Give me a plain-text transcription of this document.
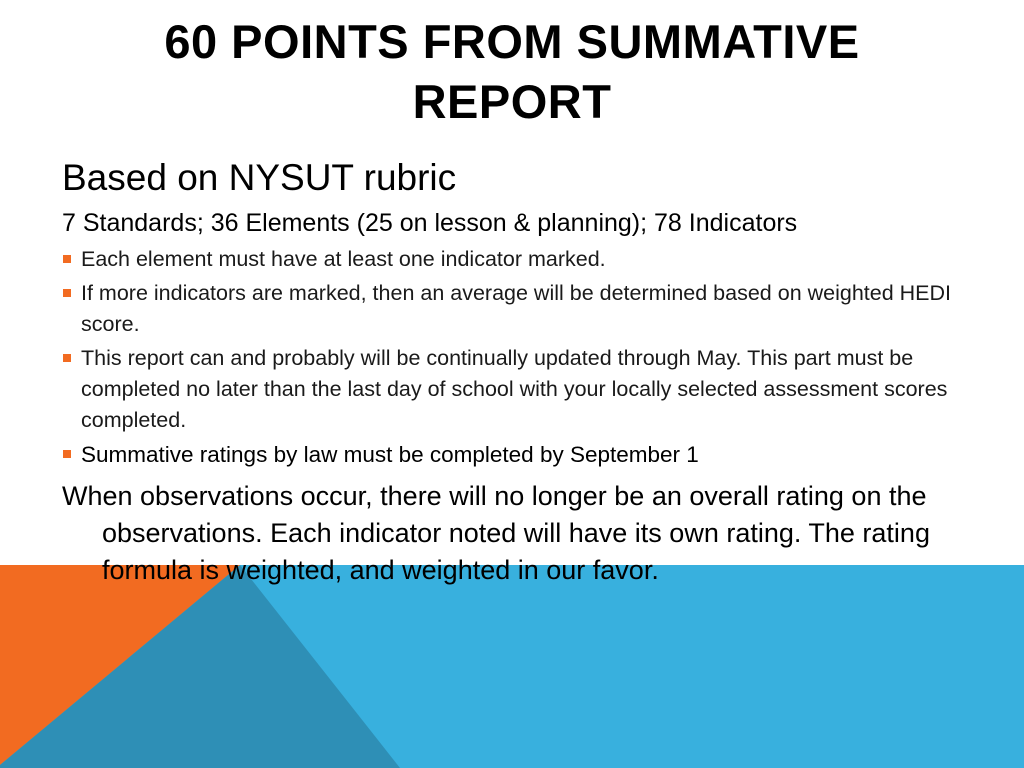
60 POINTS FROM SUMMATIVE REPORT

Based on NYSUT rubric

7 Standards; 36 Elements (25 on lesson & planning); 78 Indicators

Each element must have at least one indicator marked.
If more indicators are marked, then an average will be determined based on weighted HEDI score.
This report can and probably will be continually updated through May. This part must be completed no later than the last day of school with your locally selected assessment scores completed.
Summative ratings by law must be completed by September 1

When observations occur, there will no longer be an overall rating on the observations. Each indicator noted will have its own rating. The rating formula is weighted, and weighted in our favor.
